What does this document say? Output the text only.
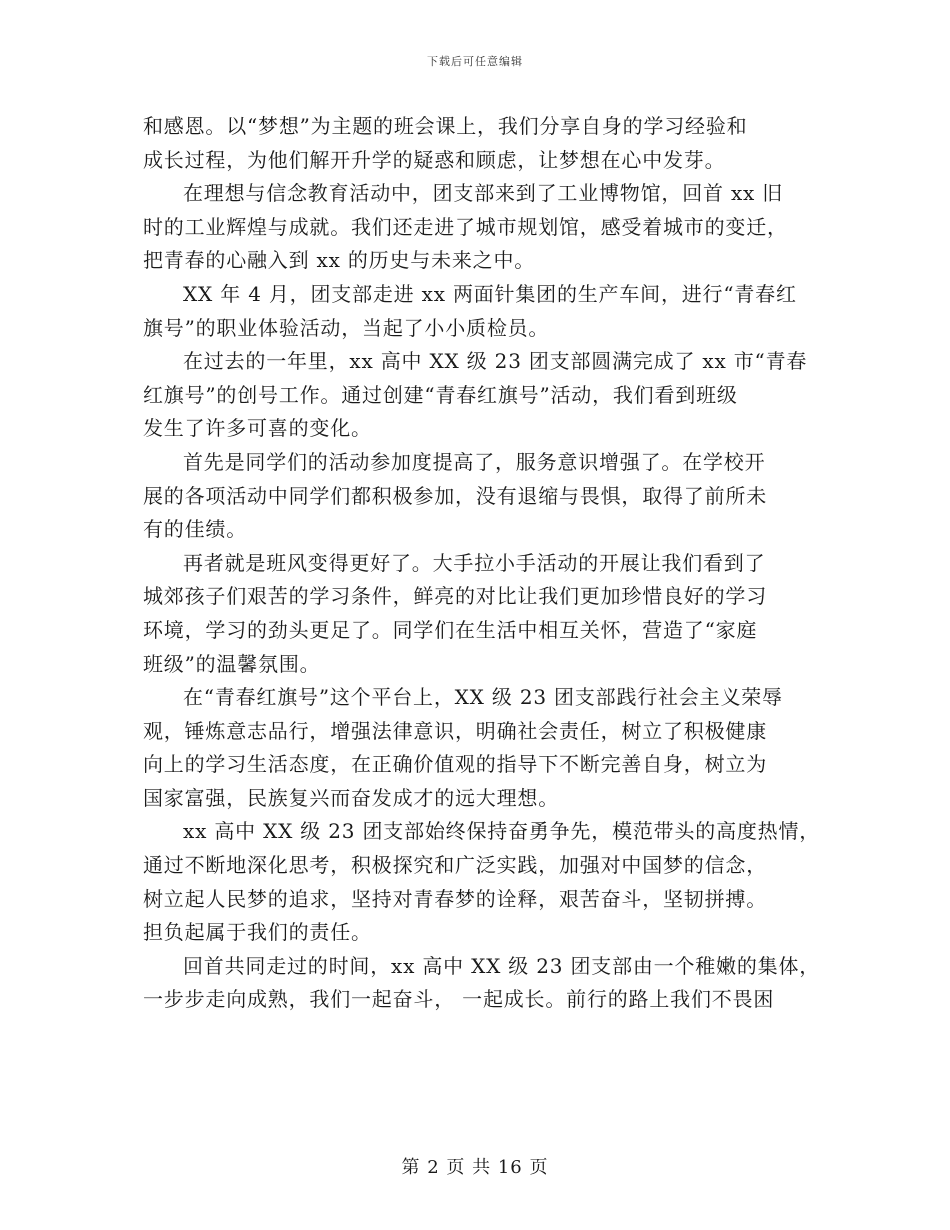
下载后可任意编辑
和感恩。以“梦想”为主题的班会课上，我们分享自身的学习经验和
成长过程，为他们解开升学的疑惑和顾虑，让梦想在心中发芽。
在理想与信念教育活动中，团支部来到了工业博物馆，回首 xx 旧
时的工业辉煌与成就。我们还走进了城市规划馆，感受着城市的变迁，
把青春的心融入到 xx 的历史与未来之中。
XX 年 4 月，团支部走进 xx 两面针集团的生产车间，进行“青春红
旗号”的职业体验活动，当起了小小质检员。
在过去的一年里，xx 高中 XX 级 23 团支部圆满完成了 xx 市“青春
红旗号”的创号工作。通过创建“青春红旗号”活动，我们看到班级
发生了许多可喜的变化。
首先是同学们的活动参加度提高了，服务意识增强了。在学校开
展的各项活动中同学们都积极参加，没有退缩与畏惧，取得了前所未
有的佳绩。
再者就是班风变得更好了。大手拉小手活动的开展让我们看到了
城郊孩子们艰苦的学习条件，鲜亮的对比让我们更加珍惜良好的学习
环境，学习的劲头更足了。同学们在生活中相互关怀，营造了“家庭
班级”的温馨氛围。
在“青春红旗号”这个平台上，XX 级 23 团支部践行社会主义荣辱
观，锤炼意志品行，增强法律意识，明确社会责任，树立了积极健康
向上的学习生活态度，在正确价值观的指导下不断完善自身，树立为
国家富强，民族复兴而奋发成才的远大理想。
xx 高中 XX 级 23 团支部始终保持奋勇争先，模范带头的高度热情，
通过不断地深化思考，积极探究和广泛实践，加强对中国梦的信念，
树立起人民梦的追求，坚持对青春梦的诠释，艰苦奋斗，坚韧拼搏。
担负起属于我们的责任。
回首共同走过的时间，xx 高中 XX 级 23 团支部由一个稚嫩的集体，
一步步走向成熟，我们一起奋斗， 一起成长。前行的路上我们不畏困
第 2 页 共 16 页
